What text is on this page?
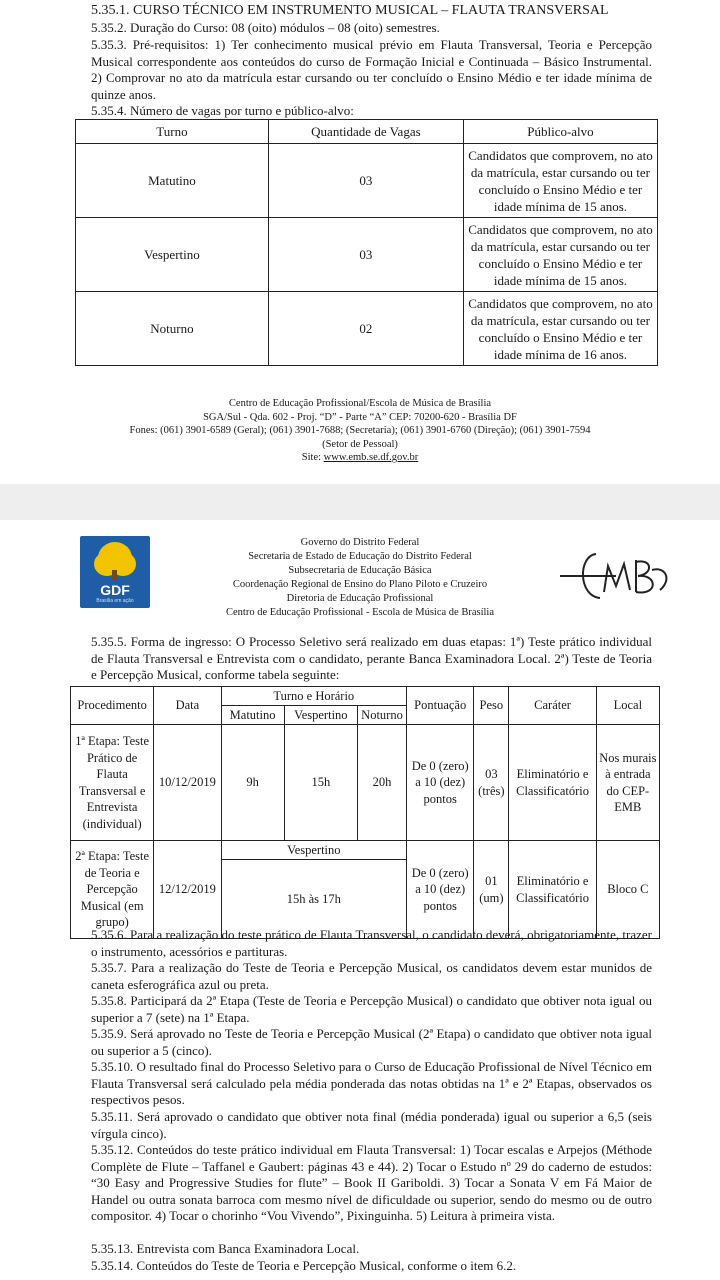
5.35.1. CURSO TÉCNICO EM INSTRUMENTO MUSICAL – FLAUTA TRANSVERSAL

5.35.2. Duração do Curso: 08 (oito) módulos – 08 (oito) semestres.

5.35.3. Pré-requisitos: 1) Ter conhecimento musical prévio em Flauta Transversal, Teoria e Percepção Musical correspondente aos conteúdos do curso de Formação Inicial e Continuada – Básico Instrumental. 2) Comprovar no ato da matrícula estar cursando ou ter concluído o Ensino Médio e ter idade mínima de quinze anos.

5.35.4. Número de vagas por turno e público-alvo:

Turno	Quantidade de Vagas	Público-alvo
Matutino	03	Candidatos que comprovem, no ato da matrícula, estar cursando ou ter concluído o Ensino Médio e ter idade mínima de 15 anos.
Vespertino	03	Candidatos que comprovem, no ato da matrícula, estar cursando ou ter concluído o Ensino Médio e ter idade mínima de 15 anos.
Noturno	02	Candidatos que comprovem, no ato da matrícula, estar cursando ou ter concluído o Ensino Médio e ter idade mínima de 16 anos.
Centro de Educação Profissional/Escola de Música de Brasília
SGA/Sul - Qda. 602 - Proj. “D” - Parte “A” CEP: 70200-620 - Brasília DF
Fones: (061) 3901-6589 (Geral); (061) 3901-7688; (Secretaria); (061) 3901-6760 (Direção); (061) 3901-7594
(Setor de Pessoal)
Site: www.emb.se.df.gov.br
GDF
Brasília em ação
Governo do Distrito Federal
Secretaria de Estado de Educação do Distrito Federal
Subsecretaria de Educação Básica
Coordenação Regional de Ensino do Plano Piloto e Cruzeiro
Diretoria de Educação Profissional
Centro de Educação Profissional - Escola de Música de Brasília

5.35.5. Forma de ingresso: O Processo Seletivo será realizado em duas etapas: 1ª) Teste prático individual de Flauta Transversal e Entrevista com o candidato, perante Banca Examinadora Local. 2ª) Teste de Teoria e Percepção Musical, conforme tabela seguinte:

Procedimento	Data	Turno e Horário			Pontuação	Peso	Caráter	Local
		Matutino	Vespertino	Noturno				
1ª Etapa: Teste Prático de Flauta Transversal e Entrevista (individual)	10/12/2019	9h	15h	20h	De 0 (zero) a 10 (dez) pontos	03 (três)	Eliminatório e Classificatório	Nos murais à entrada do CEP-EMB
2ª Etapa: Teste de Teoria e Percepção Musical (em grupo)	12/12/2019	Vespertino			De 0 (zero) a 10 (dez) pontos	01 (um)	Eliminatório e Classificatório	Bloco C
		15h às 17h						

5.35.6. Para a realização do teste prático de Flauta Transversal, o candidato deverá, obrigatoriamente, trazer o instrumento, acessórios e partituras.

5.35.7. Para a realização do Teste de Teoria e Percepção Musical, os candidatos devem estar munidos de caneta esferográfica azul ou preta.

5.35.8. Participará da 2ª Etapa (Teste de Teoria e Percepção Musical) o candidato que obtiver nota igual ou superior a 7 (sete) na 1ª Etapa.

5.35.9. Será aprovado no Teste de Teoria e Percepção Musical (2ª Etapa) o candidato que obtiver nota igual ou superior a 5 (cinco).

5.35.10. O resultado final do Processo Seletivo para o Curso de Educação Profissional de Nível Técnico em Flauta Transversal será calculado pela média ponderada das notas obtidas na 1ª e 2ª Etapas, observados os respectivos pesos.

5.35.11. Será aprovado o candidato que obtiver nota final (média ponderada) igual ou superior a 6,5 (seis vírgula cinco).

5.35.12. Conteúdos do teste prático individual em Flauta Transversal: 1) Tocar escalas e Arpejos (Méthode Complète de Flute – Taffanel e Gaubert: páginas 43 e 44). 2) Tocar o Estudo nº 29 do caderno de estudos: “30 Easy and Progressive Studies for flute” – Book II Gariboldi. 3) Tocar a Sonata V em Fá Maior de Handel ou outra sonata barroca com mesmo nível de dificuldade ou superior, sendo do mesmo ou de outro compositor. 4) Tocar o chorinho “Vou Vivendo”, Pixinguinha. 5) Leitura à primeira vista.

5.35.13. Entrevista com Banca Examinadora Local.

5.35.14. Conteúdos do Teste de Teoria e Percepção Musical, conforme o item 6.2.
